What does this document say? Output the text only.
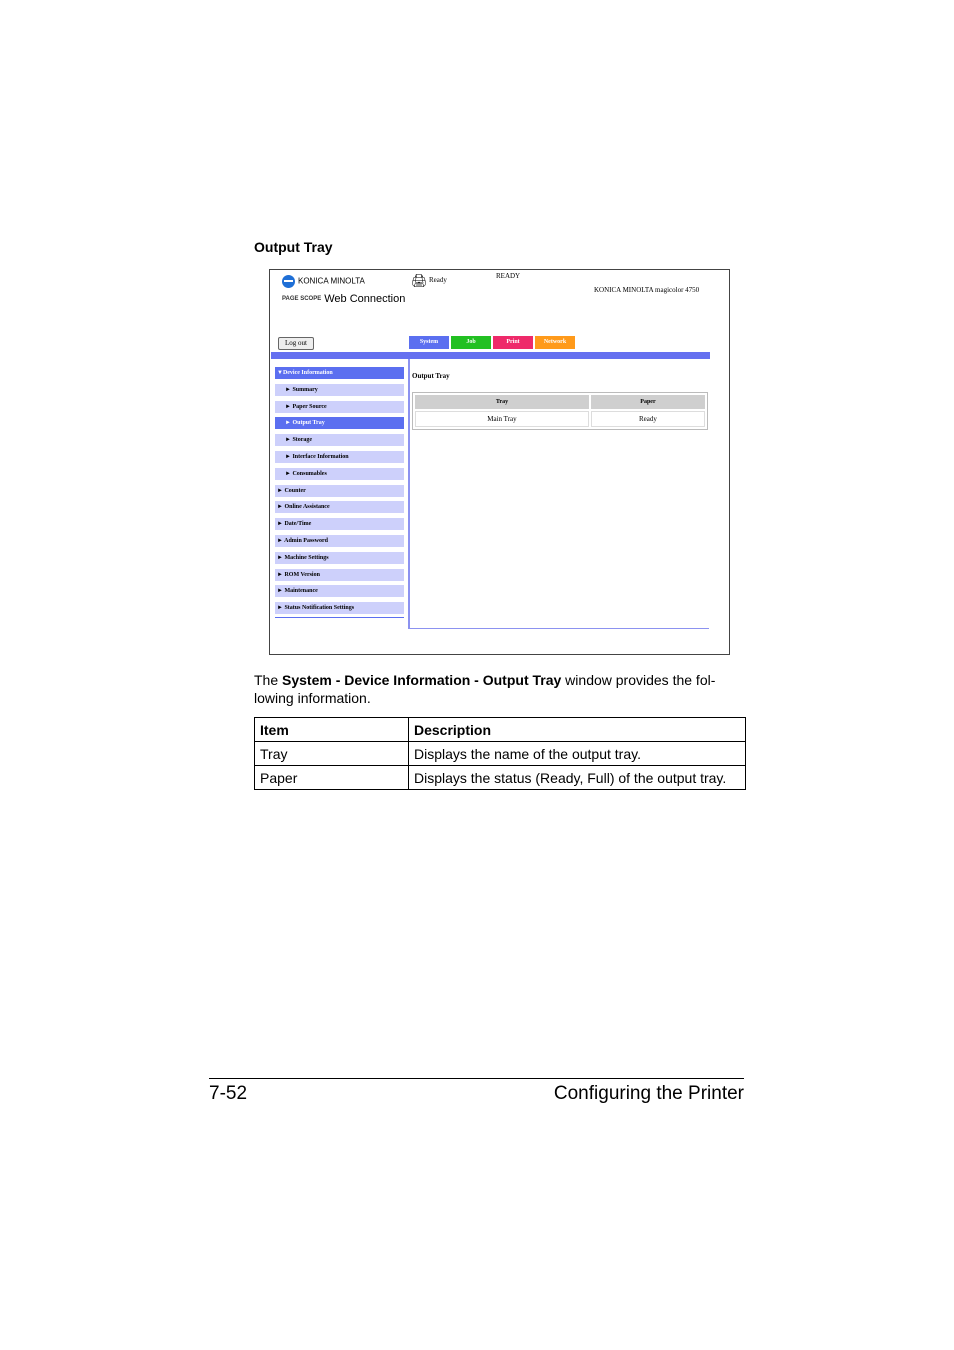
Output Tray
KONICA MINOLTA
PAGE SCOPE Web Connection
🖨 Ready	READY
KONICA MINOLTA magicolor 4750
Log out	System	Job	Print	Network
▼Device Information
► Summary
► Paper Source
► Output Tray
► Storage
► Interface Information
► Consumables
► Counter
► Online Assistance
► Date/Time
► Admin Password
► Machine Settings
► ROM Version
► Maintenance
► Status Notification Settings
Output Tray
Tray	Paper
Main Tray	Ready
The System - Device Information - Output Tray window provides the fol-lowing information.
Item	Description
Tray	Displays the name of the output tray.
Paper	Displays the status (Ready, Full) of the output tray.
7-52	Configuring the Printer
